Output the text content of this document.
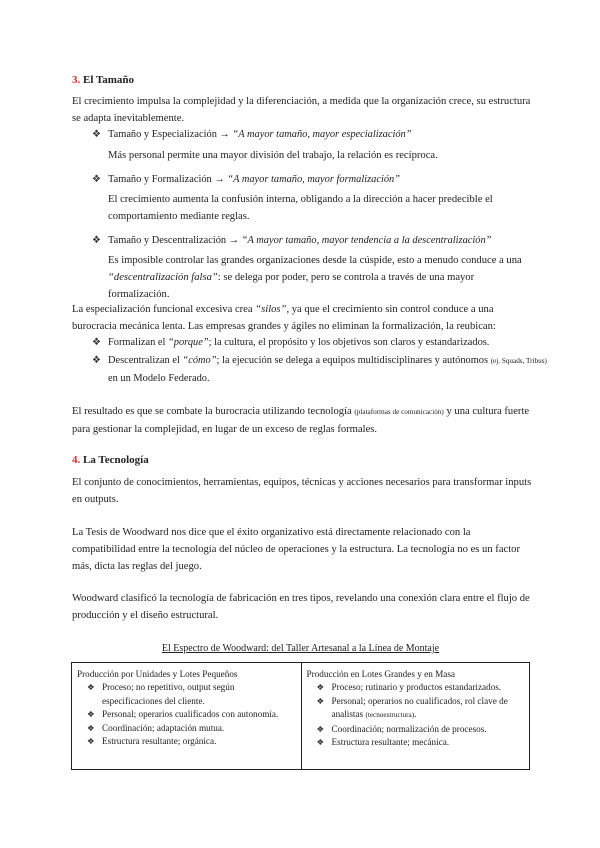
3. El Tamaño

El crecimiento impulsa la complejidad y la diferenciación, a medida que la organización crece, su estructura se adapta inevitablemente.

❖ Tamaño y Especialización → “A mayor tamaño, mayor especialización”

Más personal permite una mayor división del trabajo, la relación es recíproca.

❖ Tamaño y Formalización → “A mayor tamaño, mayor formalización”

El crecimiento aumenta la confusión interna, obligando a la dirección a hacer predecible el comportamiento mediante reglas.

❖ Tamaño y Descentralización → “A mayor tamaño, mayor tendencia a la descentralización”

Es imposible controlar las grandes organizaciones desde la cúspide, esto a menudo conduce a una “descentralización falsa”: se delega por poder, pero se controla a través de una mayor formalización.

La especialización funcional excesiva crea “silos”, ya que el crecimiento sin control conduce a una burocracia mecánica lenta. Las empresas grandes y ágiles no eliminan la formalización, la reubican:

❖ Formalizan el “porque”; la cultura, el propósito y los objetivos son claros y estandarizados.
❖ Descentralizan el “cómo”; la ejecución se delega a equipos multidisciplinares y autónomos (ej. Squads, Tribus) en un Modelo Federado.

El resultado es que se combate la burocracia utilizando tecnología (plataformas de comunicación) y una cultura fuerte para gestionar la complejidad, en lugar de un exceso de reglas formales.

4. La Tecnología

El conjunto de conocimientos, herramientas, equipos, técnicas y acciones necesarios para transformar inputs en outputs.

La Tesis de Woodward nos dice que el éxito organizativo está directamente relacionado con la compatibilidad entre la tecnología del núcleo de operaciones y la estructura. La tecnología no es un factor más, dicta las reglas del juego.

Woodward clasificó la tecnología de fabricación en tres tipos, revelando una conexión clara entre el flujo de producción y el diseño estructural.

El Espectro de Woodward: del Taller Artesanal a la Línea de Montaje
Producción por Unidades y Lotes Pequeños
❖ Proceso; no repetitivo, output según especificaciones del cliente.
❖ Personal; operarios cualificados con autonomía.
❖ Coordinación; adaptación mutua.
❖ Estructura resultante; orgánica.
Producción en Lotes Grandes y en Masa
❖ Proceso; rutinario y productos estandarizados.
❖ Personal; operarios no cualificados, rol clave de analistas (tecnoestructura).
❖ Coordinación; normalización de procesos.
❖ Estructura resultante; mecánica.
